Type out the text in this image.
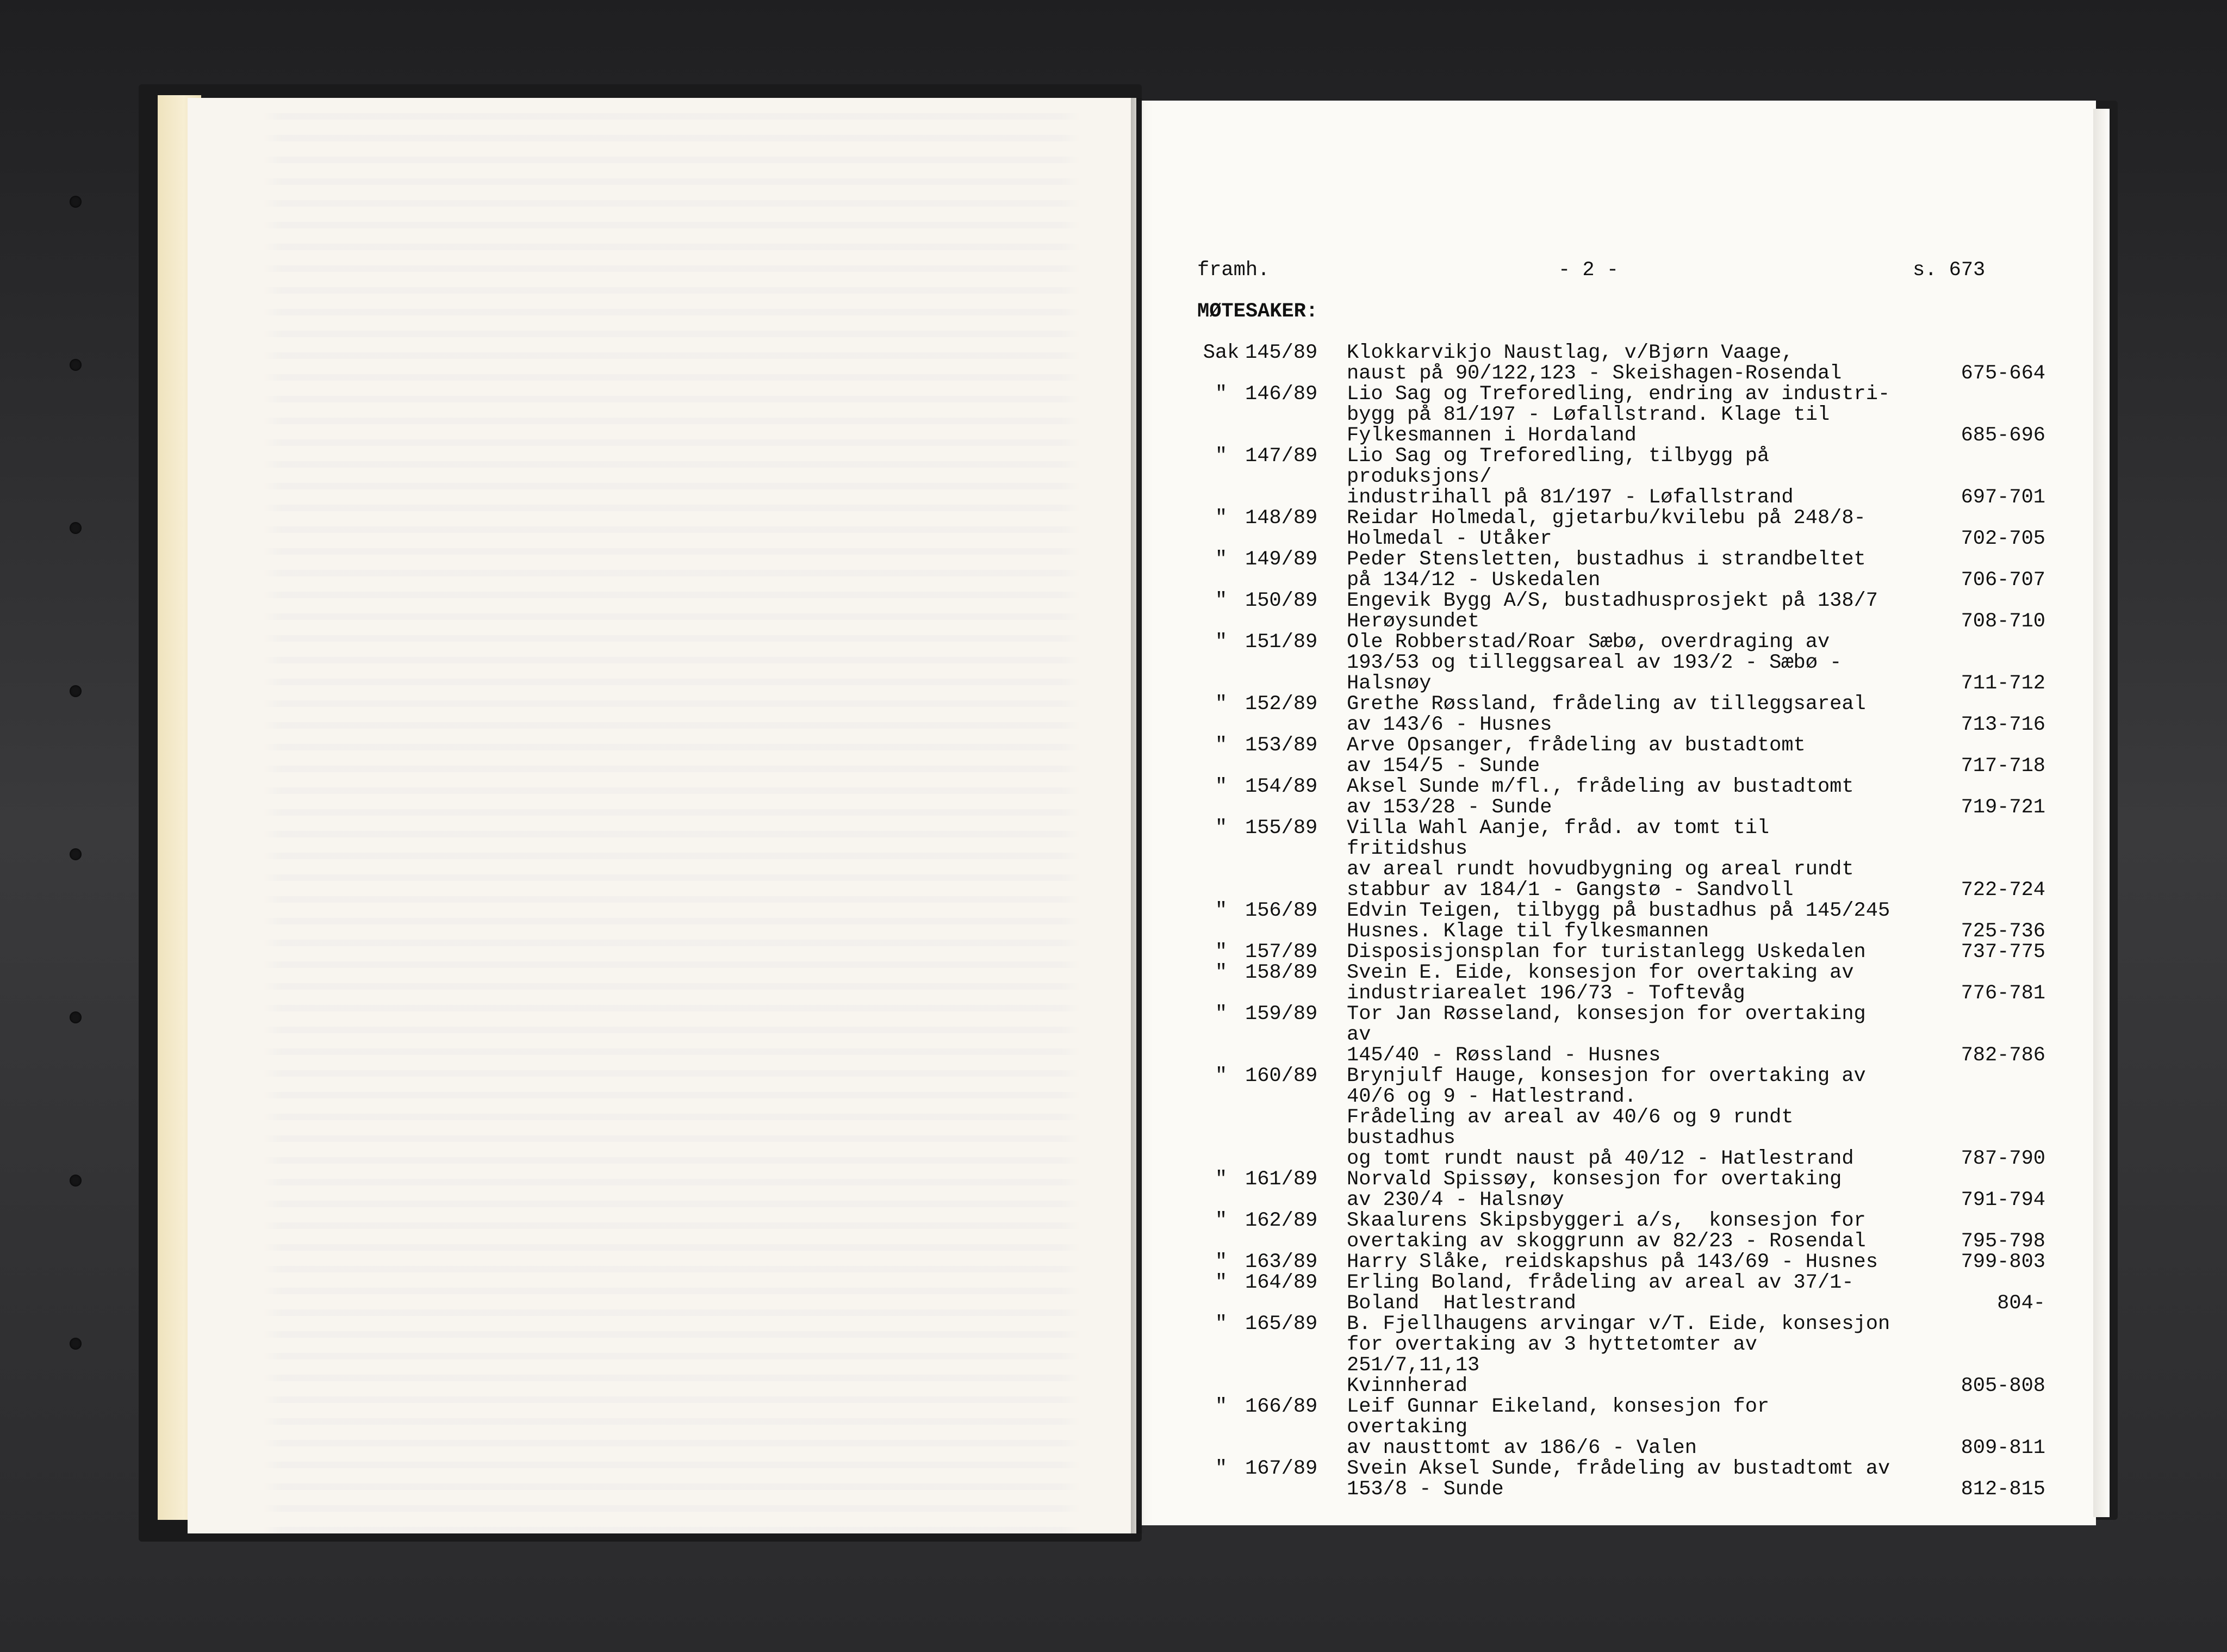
framh.	- 2 -	s. 673

MØTESAKER:

Sak 145/89	Klokkarvikjo Naustlag, v/Bjørn Vaage,
naust på 90/122,123 - Skeishagen-Rosendal	675-664
" 146/89	Lio Sag og Treforedling, endring av industri-
bygg på 81/197 - Løfallstrand. Klage til
Fylkesmannen i Hordaland	685-696
" 147/89	Lio Sag og Treforedling, tilbygg på produksjons/
industrihall på 81/197 - Løfallstrand	697-701
" 148/89	Reidar Holmedal, gjetarbu/kvilebu på 248/8-
Holmedal - Utåker	702-705
" 149/89	Peder Stensletten, bustadhus i strandbeltet
på 134/12 - Uskedalen	706-707
" 150/89	Engevik Bygg A/S, bustadhusprosjekt på 138/7
Herøysundet	708-710
" 151/89	Ole Robberstad/Roar Sæbø, overdraging av
193/53 og tilleggsareal av 193/2 - Sæbø -
Halsnøy	711-712
" 152/89	Grethe Røssland, frådeling av tilleggsareal
av 143/6 - Husnes	713-716
" 153/89	Arve Opsanger, frådeling av bustadtomt
av 154/5 - Sunde	717-718
" 154/89	Aksel Sunde m/fl., frådeling av bustadtomt
av 153/28 - Sunde	719-721
" 155/89	Villa Wahl Aanje, fråd. av tomt til fritidshus
av areal rundt hovudbygning og areal rundt
stabbur av 184/1 - Gangstø - Sandvoll	722-724
" 156/89	Edvin Teigen, tilbygg på bustadhus på 145/245
Husnes. Klage til fylkesmannen	725-736
" 157/89	Disposisjonsplan for turistanlegg Uskedalen	737-775
" 158/89	Svein E. Eide, konsesjon for overtaking av
industriarealet 196/73 - Toftevåg	776-781
" 159/89	Tor Jan Røsseland, konsesjon for overtaking av
145/40 - Røssland - Husnes	782-786
" 160/89	Brynjulf Hauge, konsesjon for overtaking av
40/6 og 9 - Hatlestrand.
Frådeling av areal av 40/6 og 9 rundt bustadhus
og tomt rundt naust på 40/12 - Hatlestrand	787-790
" 161/89	Norvald Spissøy, konsesjon for overtaking
av 230/4 - Halsnøy	791-794
" 162/89	Skaalurens Skipsbyggeri a/s,  konsesjon for
overtaking av skoggrunn av 82/23 - Rosendal	795-798
" 163/89	Harry Slåke, reidskapshus på 143/69 - Husnes	799-803
" 164/89	Erling Boland, frådeling av areal av 37/1-
Boland  Hatlestrand	804-
" 165/89	B. Fjellhaugens arvingar v/T. Eide, konsesjon
for overtaking av 3 hyttetomter av 251/7,11,13
Kvinnherad	805-808
" 166/89	Leif Gunnar Eikeland, konsesjon for overtaking
av nausttomt av 186/6 - Valen	809-811
" 167/89	Svein Aksel Sunde, frådeling av bustadtomt av
153/8 - Sunde	812-815
